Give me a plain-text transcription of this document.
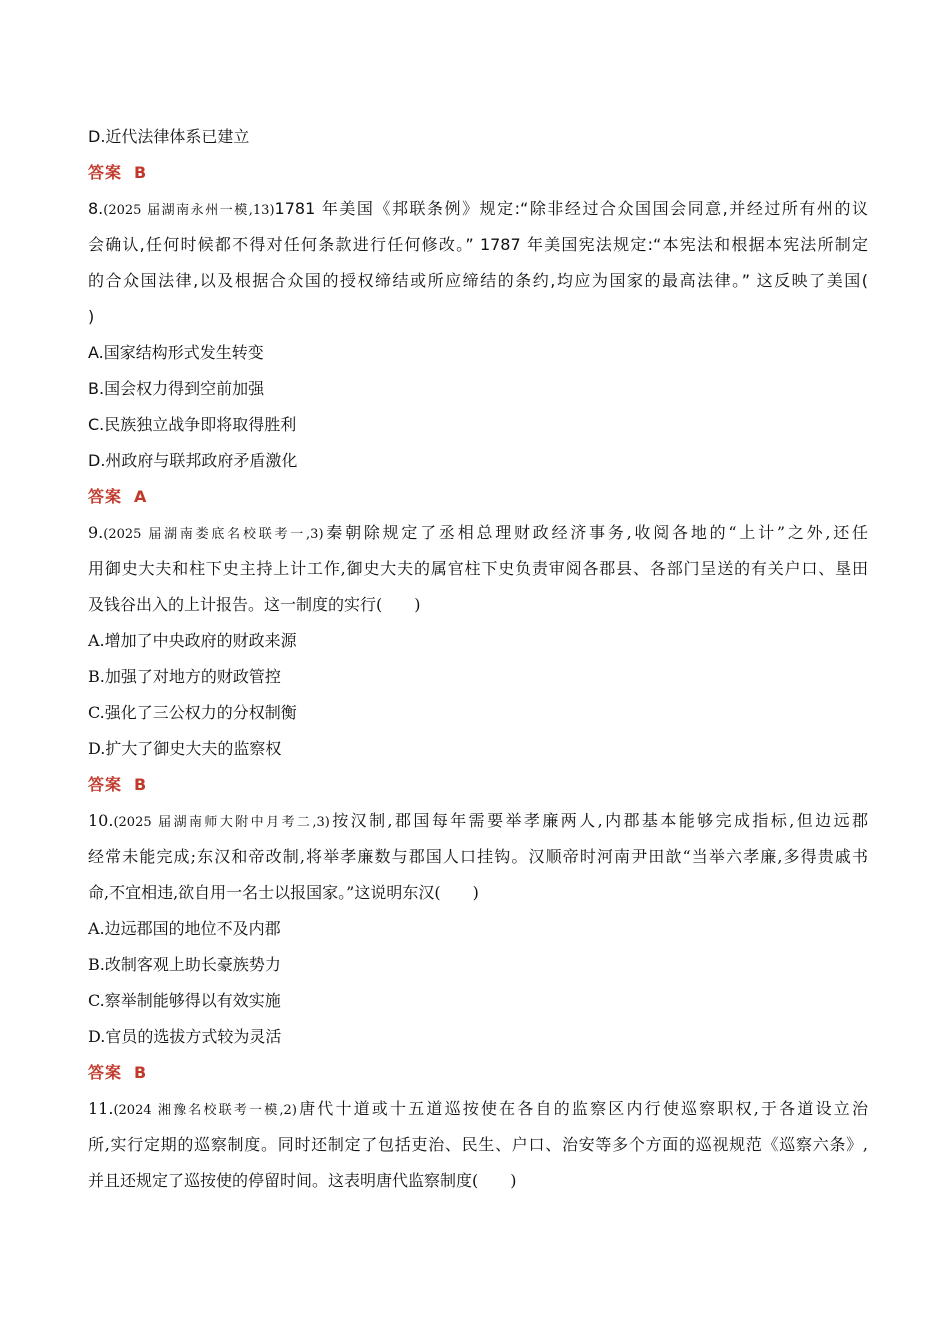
D.近代法律体系已建立
答案 B
8.(2025 届湖南永州一模,13)1781 年美国《邦联条例》规定:“除非经过合众国国会同意,并经过所有州的议
会确认,任何时候都不得对任何条款进行任何修改。” 1787 年美国宪法规定:“本宪法和根据本宪法所制定
的合众国法律,以及根据合众国的授权缔结或所应缔结的条约,均应为国家的最高法律。” 这反映了美国(
)
A.国家结构形式发生转变
B.国会权力得到空前加强
C.民族独立战争即将取得胜利
D.州政府与联邦政府矛盾激化
答案 A
9.(2025 届湖南娄底名校联考一,3)秦朝除规定了丞相总理财政经济事务,收阅各地的“上计”之外,还任
用御史大夫和柱下史主持上计工作,御史大夫的属官柱下史负责审阅各郡县、各部门呈送的有关户口、垦田
及钱谷出入的上计报告。这一制度的实行(　　)
A.增加了中央政府的财政来源
B.加强了对地方的财政管控
C.强化了三公权力的分权制衡
D.扩大了御史大夫的监察权
答案 B
10.(2025 届湖南师大附中月考二,3)按汉制,郡国每年需要举孝廉两人,内郡基本能够完成指标,但边远郡
经常未能完成;东汉和帝改制,将举孝廉数与郡国人口挂钩。汉顺帝时河南尹田歆“当举六孝廉,多得贵戚书
命,不宜相违,欲自用一名士以报国家。”这说明东汉(　　)
A.边远郡国的地位不及内郡
B.改制客观上助长豪族势力
C.察举制能够得以有效实施
D.官员的选拔方式较为灵活
答案 B
11.(2024 湘豫名校联考一模,2)唐代十道或十五道巡按使在各自的监察区内行使巡察职权,于各道设立治
所,实行定期的巡察制度。同时还制定了包括吏治、民生、户口、治安等多个方面的巡视规范《巡察六条》,
并且还规定了巡按使的停留时间。这表明唐代监察制度(　　)
